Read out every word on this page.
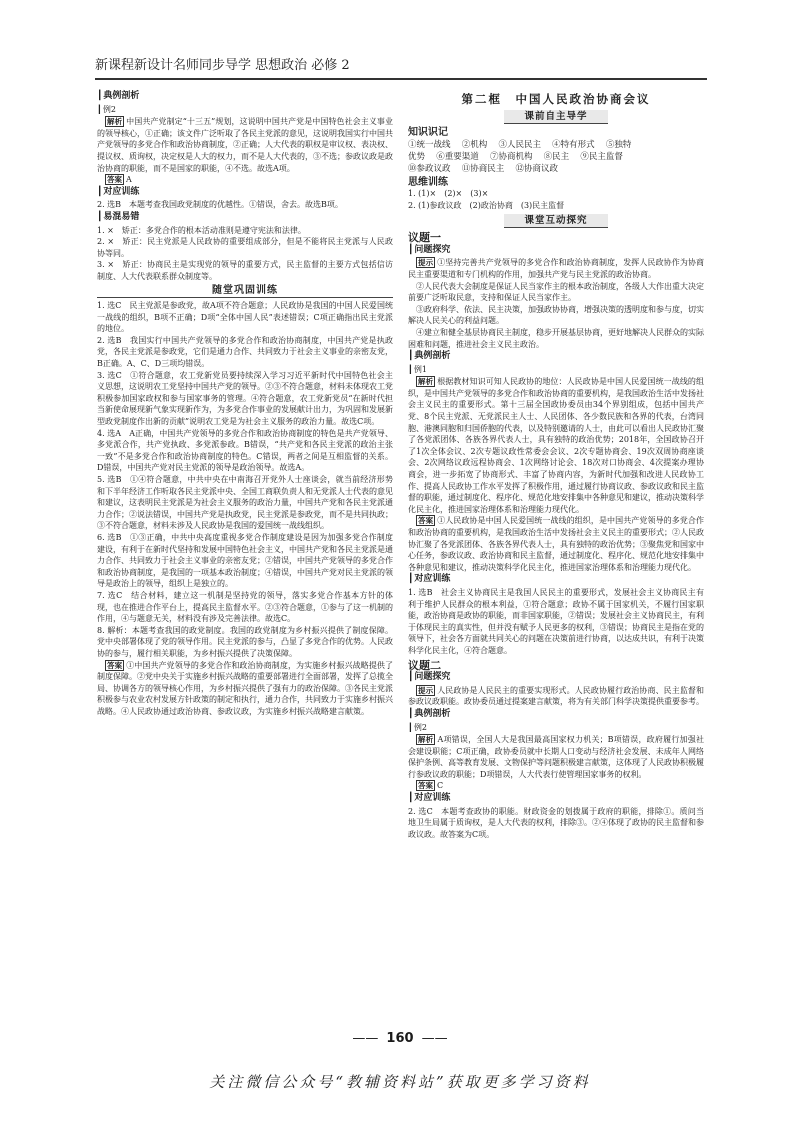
新课程新设计名师同步导学 思想政治 必修 2
┃ 典例剖析
┃ 例2

解析 中国共产党制定“十三五”规划，这说明中国共产党是中国特色社会主义事业的领导核心，①正确；该文件广泛听取了各民主党派的意见，这说明我国实行中国共产党领导的多党合作和政治协商制度，②正确；人大代表的职权是审议权、表决权、提议权、质询权，决定权是人大的权力，而不是人大代表的，③不选；参政议政是政治协商的职能，而不是国家的职能，④不选。故选A项。

答案 A

┃ 对应训练

2. 选B　本题考查我国政党制度的优越性。①错误，舍去。故选B项。

┃ 易混易错

1. ×　矫正：多党合作的根本活动准则是遵守宪法和法律。

2. ×　矫正：民主党派是人民政协的重要组成部分，但是不能将民主党派与人民政协等同。

3. ×　矫正：协商民主是实现党的领导的重要方式，民主监督的主要方式包括信访制度、人大代表联系群众制度等。

随堂巩固训练

1. 选C　民主党派是参政党，故A项不符合题意；人民政协是我国的中国人民爱国统一战线的组织，B项不正确；D项“全体中国人民”表述错误；C项正确指出民主党派的地位。

2. 选B　我国实行中国共产党领导的多党合作和政治协商制度，中国共产党是执政党，各民主党派是参政党，它们是通力合作、共同致力于社会主义事业的亲密友党，B正确。A、C、D三项均错误。

3. 选C　①符合题意，农工党新党员要持续深入学习习近平新时代中国特色社会主义思想，这说明农工党坚持中国共产党的领导。②③不符合题意，材料未体现农工党积极参加国家政权和参与国家事务的管理。④符合题意，农工党新党员“在新时代担当新使命展现新气象实现新作为，为多党合作事业的发展献计出力，为巩固和发展新型政党制度作出新的贡献”说明农工党是为社会主义服务的政治力量。故选C项。

4. 选A　A正确，中国共产党领导的多党合作和政治协商制度的特色是共产党领导、多党派合作，共产党执政、多党派参政。B错误，“共产党和各民主党派的政治主张一致”不是多党合作和政治协商制度的特色。C错误，两者之间是互相监督的关系。D错误，中国共产党对民主党派的领导是政治领导。故选A。

5. 选B　①④符合题意，中共中央在中南海召开党外人士座谈会，就当前经济形势和下半年经济工作听取各民主党派中央、全国工商联负责人和无党派人士代表的意见和建议，这表明民主党派是为社会主义服务的政治力量，中国共产党和各民主党派通力合作；②说法错误，中国共产党是执政党，民主党派是参政党，而不是共同执政；③不符合题意，材料未涉及人民政协是我国的爱国统一战线组织。

6. 选B　①③正确，中共中央高度重视多党合作制度建设是因为加强多党合作制度建设，有利于在新时代坚持和发展中国特色社会主义，中国共产党和各民主党派是通力合作、共同致力于社会主义事业的亲密友党；②错误，中国共产党领导的多党合作和政治协商制度，是我国的一项基本政治制度；④错误，中国共产党对民主党派的领导是政治上的领导，组织上是独立的。

7. 选C　结合材料，建立这一机制是坚持党的领导，落实多党合作基本方针的体现，也在推进合作平台上，提高民主监督水平。②③符合题意，①参与了这一机制的作用，④与题意无关，材料没有涉及完善法律。故选C。

8. 解析：本题考查我国的政党制度。我国的政党制度为乡村振兴提供了制度保障。党中央部署体现了党的领导作用。民主党派的参与，凸显了多党合作的优势。人民政协的参与，履行相关职能，为乡村振兴提供了决策保障。

答案 ①中国共产党领导的多党合作和政治协商制度，为实施乡村振兴战略提供了制度保障。②党中央关于实施乡村振兴战略的重要部署进行全面部署，发挥了总揽全局、协调各方的领导核心作用，为乡村振兴提供了强有力的政治保障。③各民主党派积极参与农业农村发展方针政策的制定和执行，通力合作，共同致力于实施乡村振兴战略。④人民政协通过政治协商、参政议政，为实施乡村振兴战略建言献策。

第二框　中国人民政治协商会议
课前自主导学
知识识记
①统一战线  ②机构  ③人民民主  ④特有形式  ⑤独特
优势  ⑥重要渠道  ⑦协商机构  ⑧民主  ⑨民主监督
⑩参政议政  ⑪协商民主  ⑫协商议政
思维训练

1. (1)×　(2)×　(3)×

2. (1)参政议政　(2)政治协商　(3)民主监督

课堂互动探究
议题一
┃ 问题探究

提示 ①坚持完善共产党领导的多党合作和政治协商制度，发挥人民政协作为协商民主重要渠道和专门机构的作用，加强共产党与民主党派的政治协商。

②人民代表大会制度是保证人民当家作主的根本政治制度，各级人大作出重大决定前要广泛听取民意，支持和保证人民当家作主。

③政府科学、依法、民主决策，加强政协协商，增强决策的透明度和参与度，切实解决人民关心的利益问题。

④建立和健全基层协商民主制度，稳步开展基层协商，更好地解决人民群众的实际困难和问题，推进社会主义民主政治。

┃ 典例剖析
┃ 例1

解析 根据教材知识可知人民政协的地位：人民政协是中国人民爱国统一战线的组织，是中国共产党领导的多党合作和政治协商的重要机构，是我国政治生活中发扬社会主义民主的重要形式。第十三届全国政协委员由34个界别组成，包括中国共产党、8个民主党派、无党派民主人士、人民团体、各少数民族和各界的代表，台湾同胞、港澳同胞和归国侨胞的代表，以及特别邀请的人士，由此可以看出人民政协汇聚了各党派团体、各族各界代表人士，具有独特的政治优势；2018年，全国政协召开了1次全体会议、2次专题议政性常委会会议、2次专题协商会、19次双周协商座谈会、2次网络议政远程协商会、1次网络讨论会、18次对口协商会、4次提案办理协商会，进一步拓宽了协商形式、丰富了协商内容，为新时代加强和改进人民政协工作、提高人民政协工作水平发挥了积极作用，通过履行协商议政、参政议政和民主监督的职能，通过制度化、程序化、规范化地安排集中各种意见和建议，推动决策科学化民主化，推进国家治理体系和治理能力现代化。

答案 ①人民政协是中国人民爱国统一战线的组织，是中国共产党领导的多党合作和政治协商的重要机构，是我国政治生活中发扬社会主义民主的重要形式；②人民政协汇聚了各党派团体、各族各界代表人士，具有独特的政治优势；③聚焦党和国家中心任务，参政议政、政治协商和民主监督，通过制度化、程序化、规范化地安排集中各种意见和建议，推动决策科学化民主化，推进国家治理体系和治理能力现代化。

┃ 对应训练

1. 选B　社会主义协商民主是我国人民民主的重要形式，发展社会主义协商民主有利于维护人民群众的根本利益，①符合题意；政协不属于国家机关，不履行国家职能，政治协商是政协的职能，而非国家职能，②错误；发展社会主义协商民主，有利于体现民主的真实性，但并没有赋予人民更多的权利，③错误；协商民主是指在党的领导下，社会各方面就共同关心的问题在决策前进行协商，以达成共识，有利于决策科学化民主化，④符合题意。

议题二
┃ 问题探究

提示 人民政协是人民民主的重要实现形式。人民政协履行政治协商、民主监督和参政议政职能。政协委员通过提案建言献策，将为有关部门科学决策提供重要参考。

┃ 典例剖析
┃ 例2

解析 A项错误，全国人大是我国最高国家权力机关；B项错误，政府履行加强社会建设职能；C项正确，政协委员就中长期人口变动与经济社会发展、未成年人网络保护条例、高等教育发展、文物保护等问题积极建言献策，这体现了人民政协积极履行参政议政的职能；D项错误，人大代表行使管理国家事务的权利。

答案 C

┃ 对应训练

2. 选C　本题考查政协的职能。财政资金的划拨属于政府的职能，排除①。质问当地卫生局属于质询权，是人大代表的权利，排除③。②④体现了政协的民主监督和参政议政。故答案为C项。

—— 160 ——
关注微信公众号“教辅资料站”获取更多学习资料
